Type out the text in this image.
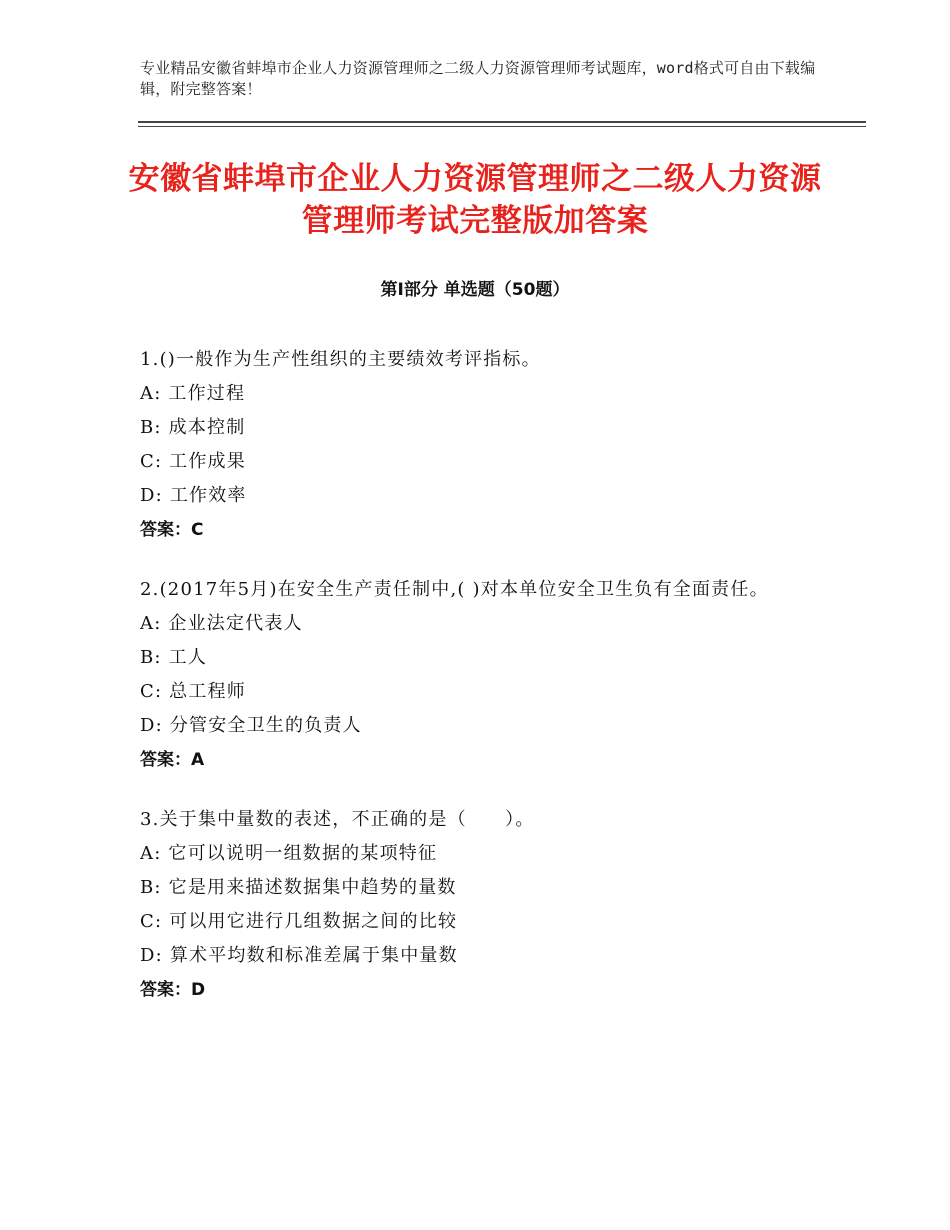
专业精品安徽省蚌埠市企业人力资源管理师之二级人力资源管理师考试题库，word格式可自由下载编辑，附完整答案！
安徽省蚌埠市企业人力资源管理师之二级人力资源管理师考试完整版加答案
第Ⅰ部分 单选题（50题）
1.()一般作为生产性组织的主要绩效考评指标。
A: 工作过程
B: 成本控制
C: 工作成果
D: 工作效率
答案：C
2.(2017年5月)在安全生产责任制中,( )对本单位安全卫生负有全面责任。
A: 企业法定代表人
B: 工人
C: 总工程师
D: 分管安全卫生的负责人
答案：A
3.关于集中量数的表述，不正确的是（　　）。
A: 它可以说明一组数据的某项特征
B: 它是用来描述数据集中趋势的量数
C: 可以用它进行几组数据之间的比较
D: 算术平均数和标准差属于集中量数
答案：D
